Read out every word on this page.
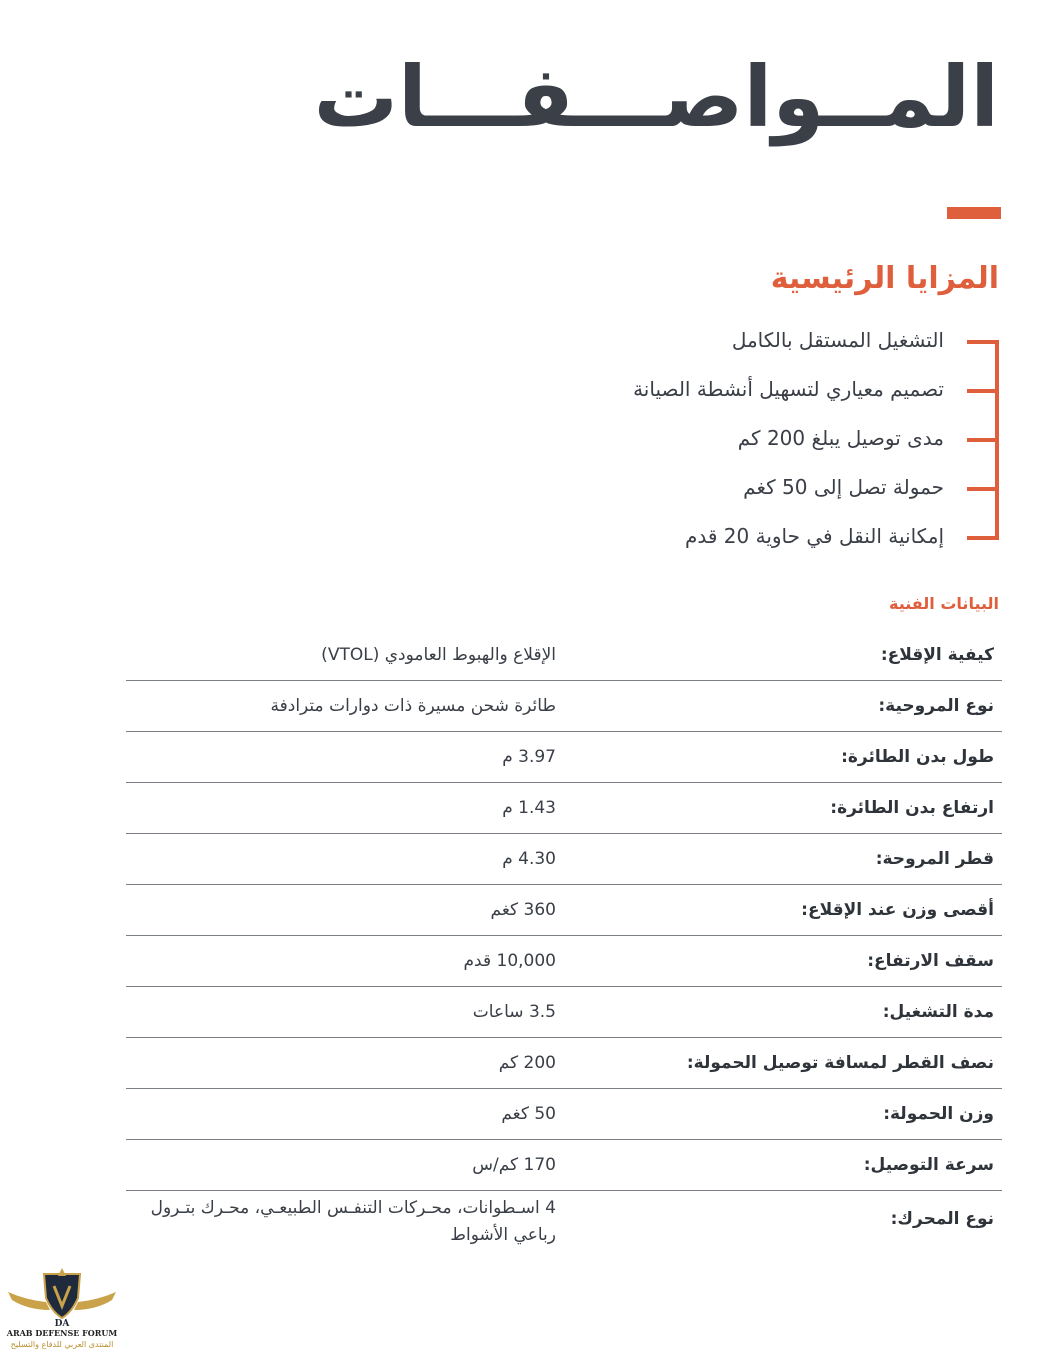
المــواصـــفـــات
المزايا الرئيسية
التشغيل المستقل بالكامل
تصميم معياري لتسهيل أنشطة الصيانة
مدى توصيل يبلغ 200 كم
حمولة تصل إلى 50 كغم
إمكانية النقل في حاوية 20 قدم
البيانات الفنية
كيفية الإقلاع:
الإقلاع والهبوط العامودي (VTOL)
نوع المروحية:
طائرة شحن مسيرة ذات دوارات مترادفة
طول بدن الطائرة:
3.97 م
ارتفاع بدن الطائرة:
1.43 م
قطر المروحة:
4.30 م
أقصى وزن عند الإقلاع:
360 كغم
سقف الارتفاع:
10,000 قدم
مدة التشغيل:
3.5 ساعات
نصف القطر لمسافة توصيل الحمولة:
200 كم
وزن الحمولة:
50 كغم
سرعة التوصيل:
170 كم/س
نوع المحرك:
4 اسـطوانات، محـركات التنفـس الطبيعـي، محـرك بتـرول رباعي الأشواط
DA
ARAB DEFENSE FORUM
المنتدى العربي للدفاع والتسليح
